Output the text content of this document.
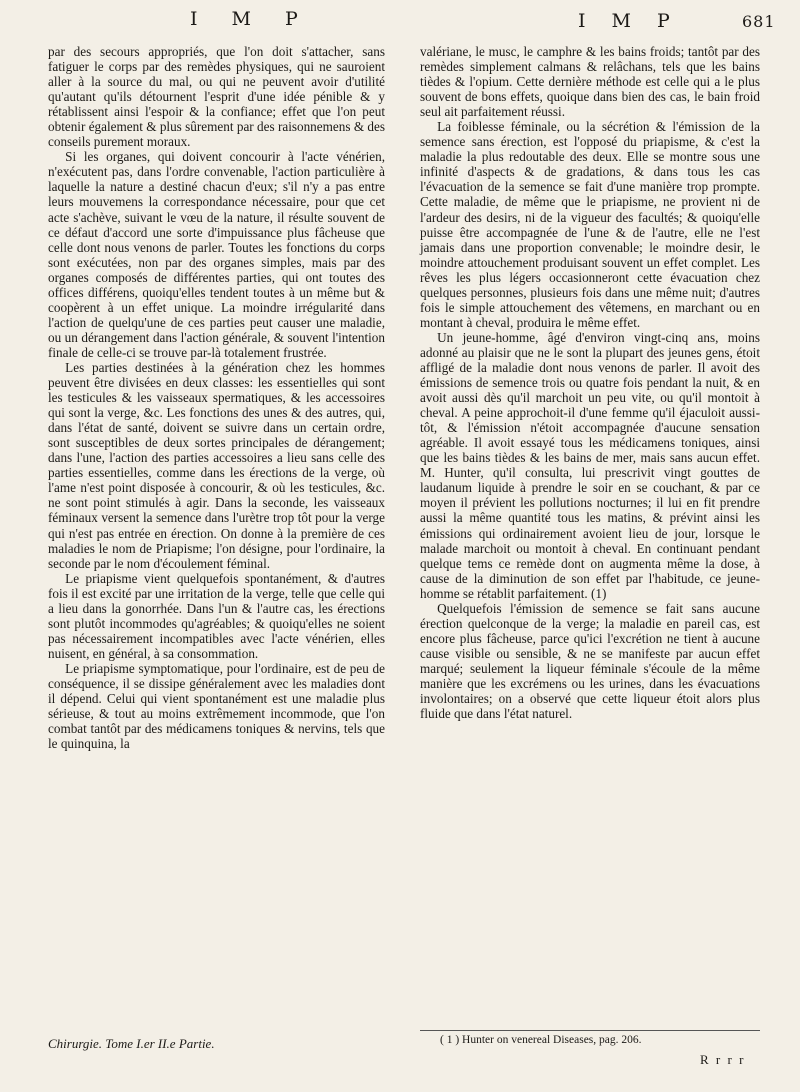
I M P	I M P	681

par des secours appropriés, que l'on doit s'attacher, sans fatiguer le corps par des remèdes physiques, qui ne sauroient aller à la source du mal, ou qui ne peuvent avoir d'utilité qu'autant qu'ils détournent l'esprit d'une idée pénible & y rétablissent ainsi l'espoir & la confiance; effet que l'on peut obtenir également & plus sûrement par des raisonnemens & des conseils purement moraux.

Si les organes, qui doivent concourir à l'acte vénérien, n'exécutent pas, dans l'ordre convenable, l'action particulière à laquelle la nature a destiné chacun d'eux; s'il n'y a pas entre leurs mouvemens la correspondance nécessaire, pour que cet acte s'achève, suivant le vœu de la nature, il résulte souvent de ce défaut d'accord une sorte d'impuissance plus fâcheuse que celle dont nous venons de parler. Toutes les fonctions du corps sont exécutées, non par des organes simples, mais par des organes composés de différentes parties, qui ont toutes des offices différens, quoiqu'elles tendent toutes à un même but & coopèrent à un effet unique. La moindre irrégularité dans l'action de quelqu'une de ces parties peut causer une maladie, ou un dérangement dans l'action générale, & souvent l'intention finale de celle-ci se trouve par-là totalement frustrée.

Les parties destinées à la génération chez les hommes peuvent être divisées en deux classes: les essentielles qui sont les testicules & les vaisseaux spermatiques, & les accessoires qui sont la verge, &c. Les fonctions des unes & des autres, qui, dans l'état de santé, doivent se suivre dans un certain ordre, sont susceptibles de deux sortes principales de dérangement; dans l'une, l'action des parties accessoires a lieu sans celle des parties essentielles, comme dans les érections de la verge, où l'ame n'est point disposée à concourir, & où les testicules, &c. ne sont point stimulés à agir. Dans la seconde, les vaisseaux féminaux versent la semence dans l'urètre trop tôt pour la verge qui n'est pas entrée en érection. On donne à la première de ces maladies le nom de Priapisme; l'on désigne, pour l'ordinaire, la seconde par le nom d'écoulement féminal.

Le priapisme vient quelquefois spontanément, & d'autres fois il est excité par une irritation de la verge, telle que celle qui a lieu dans la gonorrhée. Dans l'un & l'autre cas, les érections sont plutôt incommodes qu'agréables; & quoiqu'elles ne soient pas nécessairement incompatibles avec l'acte vénérien, elles nuisent, en général, à sa consommation.

Le priapisme symptomatique, pour l'ordinaire, est de peu de conséquence, il se dissipe généralement avec les maladies dont il dépend. Celui qui vient spontanément est une maladie plus sérieuse, & tout au moins extrêmement incommode, que l'on combat tantôt par des médicamens toniques & nervins, tels que le quinquina, la

valériane, le musc, le camphre & les bains froids; tantôt par des remèdes simplement calmans & relâchans, tels que les bains tièdes & l'opium. Cette dernière méthode est celle qui a le plus souvent de bons effets, quoique dans bien des cas, le bain froid seul ait parfaitement réussi.

La foiblesse féminale, ou la sécrétion & l'émission de la semence sans érection, est l'opposé du priapisme, & c'est la maladie la plus redoutable des deux. Elle se montre sous une infinité d'aspects & de gradations, & dans tous les cas l'évacuation de la semence se fait d'une manière trop prompte. Cette maladie, de même que le priapisme, ne provient ni de l'ardeur des desirs, ni de la vigueur des facultés; & quoiqu'elle puisse être accompagnée de l'une & de l'autre, elle ne l'est jamais dans une proportion convenable; le moindre desir, le moindre attouchement produisant souvent un effet complet. Les rêves les plus légers occasionneront cette évacuation chez quelques personnes, plusieurs fois dans une même nuit; d'autres fois le simple attouchement des vêtemens, en marchant ou en montant à cheval, produira le même effet.

Un jeune-homme, âgé d'environ vingt-cinq ans, moins adonné au plaisir que ne le sont la plupart des jeunes gens, étoit affligé de la maladie dont nous venons de parler. Il avoit des émissions de semence trois ou quatre fois pendant la nuit, & en avoit aussi dès qu'il marchoit un peu vite, ou qu'il montoit à cheval. A peine approchoit-il d'une femme qu'il éjaculoit aussi-tôt, & l'émission n'étoit accompagnée d'aucune sensation agréable. Il avoit essayé tous les médicamens toniques, ainsi que les bains tièdes & les bains de mer, mais sans aucun effet. M. Hunter, qu'il consulta, lui prescrivit vingt gouttes de laudanum liquide à prendre le soir en se couchant, & par ce moyen il prévient les pollutions nocturnes; il lui en fit prendre aussi la même quantité tous les matins, & prévint ainsi les émissions qui ordinairement avoient lieu de jour, lorsque le malade marchoit ou montoit à cheval. En continuant pendant quelque tems ce remède dont on augmenta même la dose, à cause de la diminution de son effet par l'habitude, ce jeune-homme se rétablit parfaitement. (1)

Quelquefois l'émission de semence se fait sans aucune érection quelconque de la verge; la maladie en pareil cas, est encore plus fâcheuse, parce qu'ici l'excrétion ne tient à aucune cause visible ou sensible, & ne se manifeste par aucun effet marqué; seulement la liqueur féminale s'écoule de la même manière que les excrémens ou les urines, dans les évacuations involontaires; on a observé que cette liqueur étoit alors plus fluide que dans l'état naturel.

Chirurgie. Tome I.er II.e Partie.	( 1 ) Hunter on venereal Diseases, pag. 206.
R r r r
